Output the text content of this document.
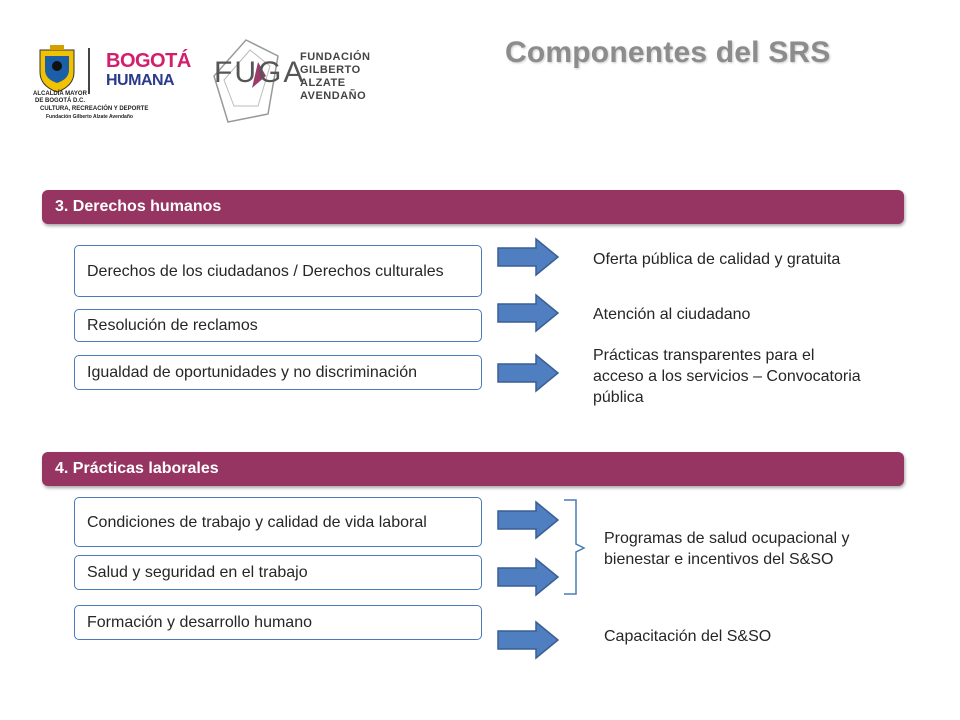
ALCALDÍA MAYOR
DE BOGOTÁ D.C.
CULTURA, RECREACIÓN Y DEPORTE
Fundación Gilberto Alzate Avendaño
BOGOTÁ
HUMANA FUGA
FUNDACIÓN
GILBERTO
ALZATE
AVENDAÑO
Componentes del SRS
3. Derechos humanos
Derechos de los ciudadanos / Derechos culturales
Resolución de reclamos
Igualdad de oportunidades y no discriminación
Oferta pública de calidad y gratuita
Atención al ciudadano
Prácticas transparentes para el acceso a los servicios – Convocatoria pública
4. Prácticas laborales
Condiciones de trabajo y calidad de vida laboral
Salud y seguridad en el trabajo
Formación y desarrollo humano
Programas de salud ocupacional y bienestar e incentivos del S&SO
Capacitación del S&SO
